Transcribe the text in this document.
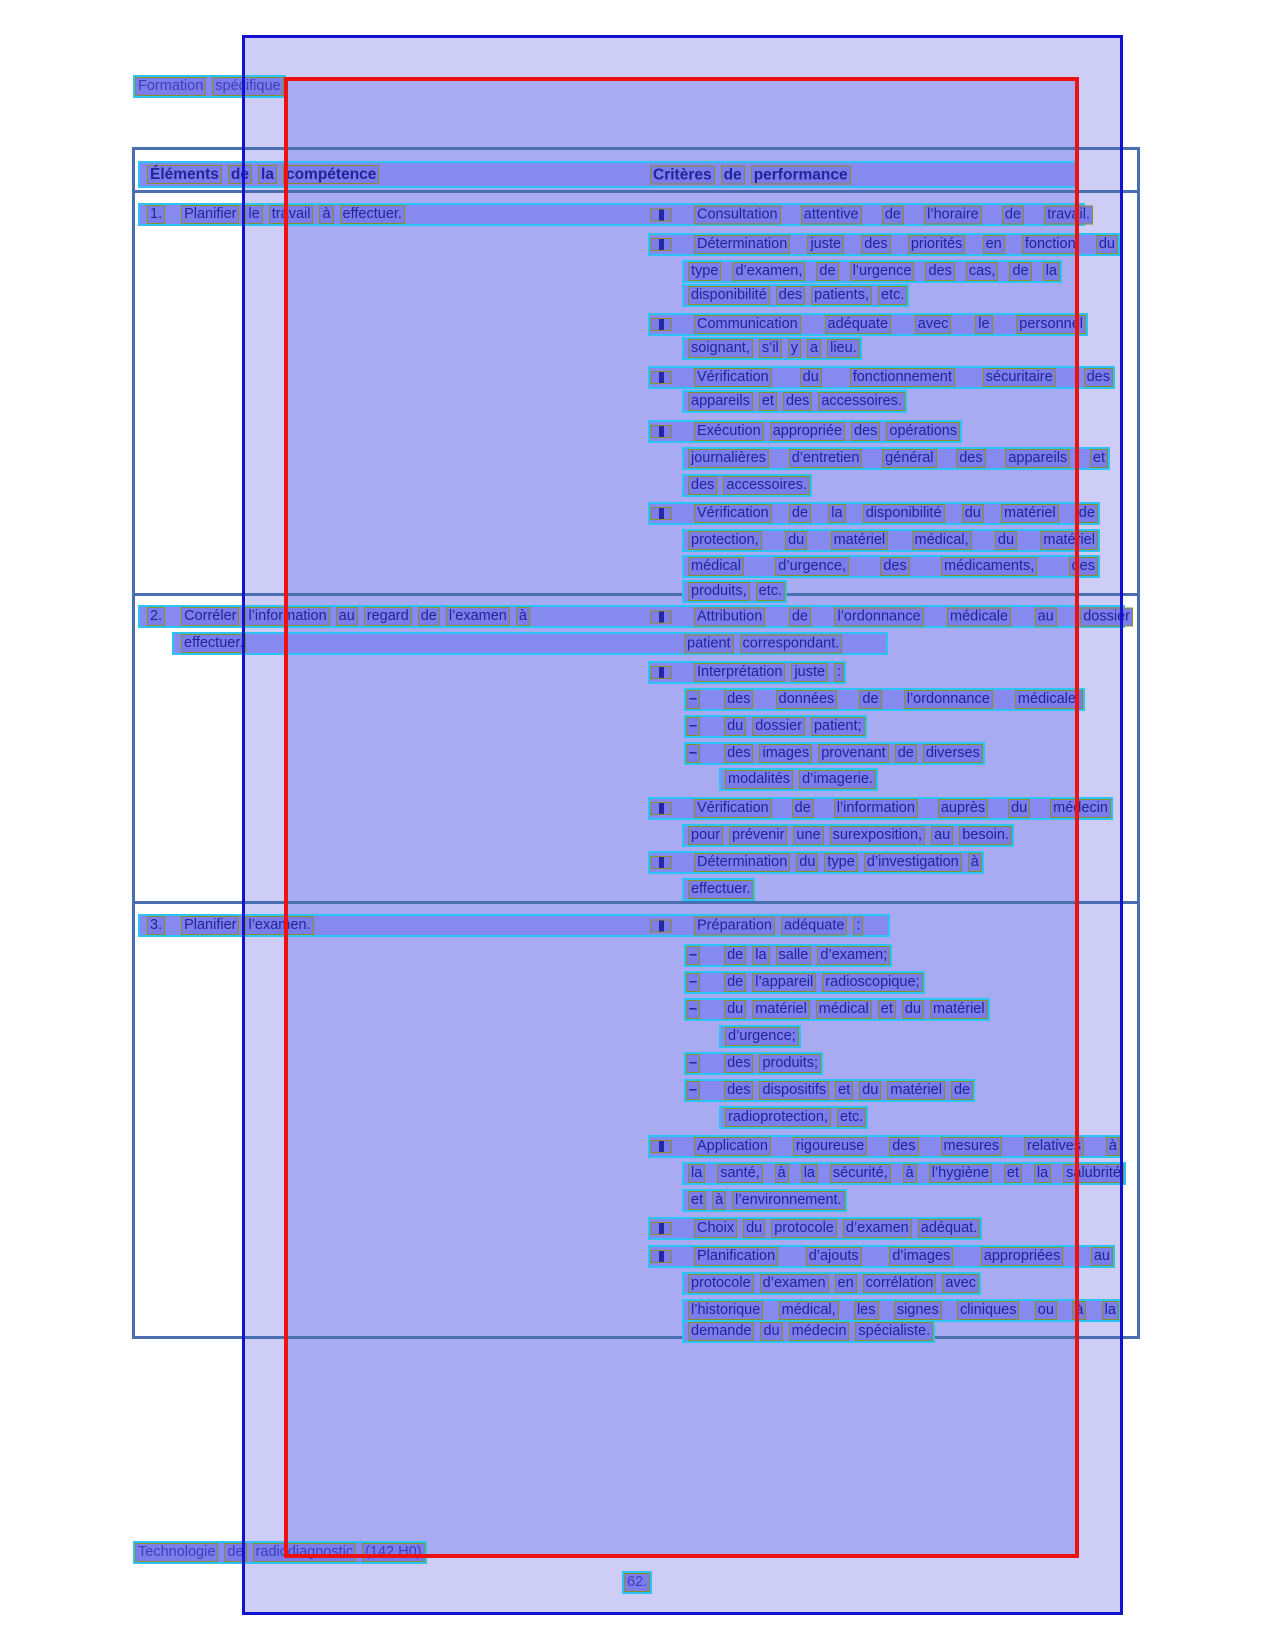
Éléments de la compétence	Critères de performance
1. Planifier le travail à effectuer.	Consultation attentive de l’horaire de travail.
Détermination juste des priorités en fonction du
type d’examen, de l’urgence des cas, de la
disponibilité des patients, etc.
Communication adéquate avec le personnel
soignant, s’il y a lieu.
Vérification du fonctionnement sécuritaire des
appareils et des accessoires.
Exécution appropriée des opérations
journalières d’entretien général des appareils et
des accessoires.
Vérification de la disponibilité du matériel de
protection, du matériel médical, du matériel
médical	d’urgence,	des	médicaments,	des
produits, etc.
2. Corréler l’information au regard de l’examen à	Attribution de l’ordonnance médicale au dossier
effectuer.	patient correspondant.
Interprétation juste :
– des données de l’ordonnance médicale;
– du dossier patient;
– des images provenant de diverses
modalités d’imagerie.
Vérification de l’information auprès du médecin
pour prévenir une surexposition, au besoin.
Détermination du type d’investigation à
effectuer.
3. Planifier l’examen.	Préparation adéquate :
– de la salle d’examen;
– de l’appareil radioscopique;
– du matériel médical et du matériel
d’urgence;
– des produits;
– des dispositifs et du matériel de
radioprotection, etc.
Application rigoureuse des mesures relatives à
la santé, à la sécurité, à l’hygiène et la salubrité
et à l’environnement.
Choix du protocole d’examen adéquat.
Planification d’ajouts d’images appropriées au
protocole d’examen en corrélation avec
l’historique médical, les signes cliniques ou à la
demande du médecin spécialiste.
Formation spécifique
Technologie de radiodiagnostic (142.H0)
62.
